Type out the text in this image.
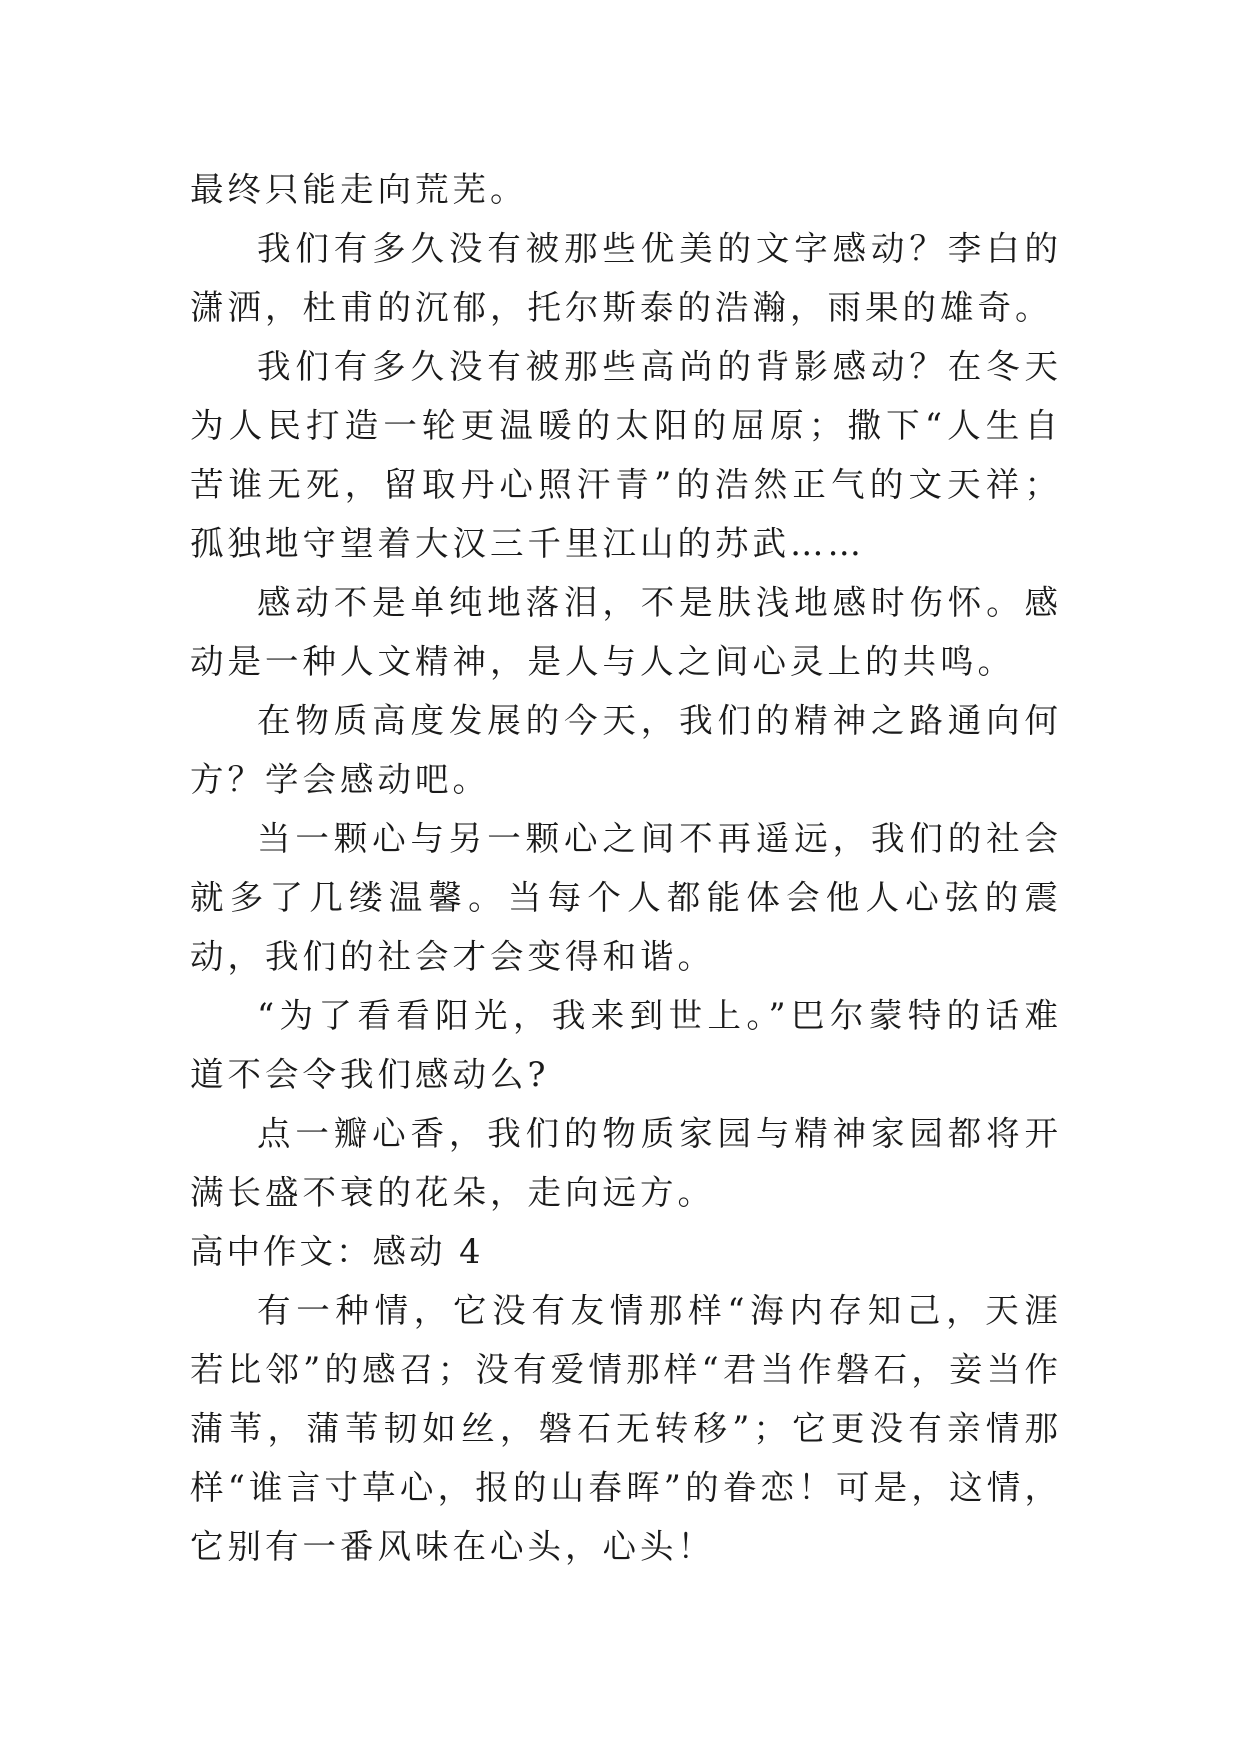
最终只能走向荒芜。

我们有多久没有被那些优美的文字感动？李白的潇洒，杜甫的沉郁，托尔斯泰的浩瀚，雨果的雄奇。

我们有多久没有被那些高尚的背影感动？在冬天为人民打造一轮更温暖的太阳的屈原；撒下“人生自苦谁无死，留取丹心照汗青”的浩然正气的文天祥；孤独地守望着大汉三千里江山的苏武……

感动不是单纯地落泪，不是肤浅地感时伤怀。感动是一种人文精神，是人与人之间心灵上的共鸣。

在物质高度发展的今天，我们的精神之路通向何方？学会感动吧。

当一颗心与另一颗心之间不再遥远，我们的社会就多了几缕温馨。当每个人都能体会他人心弦的震动，我们的社会才会变得和谐。

“为了看看阳光，我来到世上。”巴尔蒙特的话难道不会令我们感动么?

点一瓣心香，我们的物质家园与精神家园都将开满长盛不衰的花朵，走向远方。

高中作文：感动 4

有一种情，它没有友情那样“海内存知己，天涯若比邻”的感召；没有爱情那样“君当作磐石，妾当作蒲苇，蒲苇韧如丝，磐石无转移”；它更没有亲情那样“谁言寸草心，报的山春晖”的眷恋！可是，这情，它别有一番风味在心头，心头！
